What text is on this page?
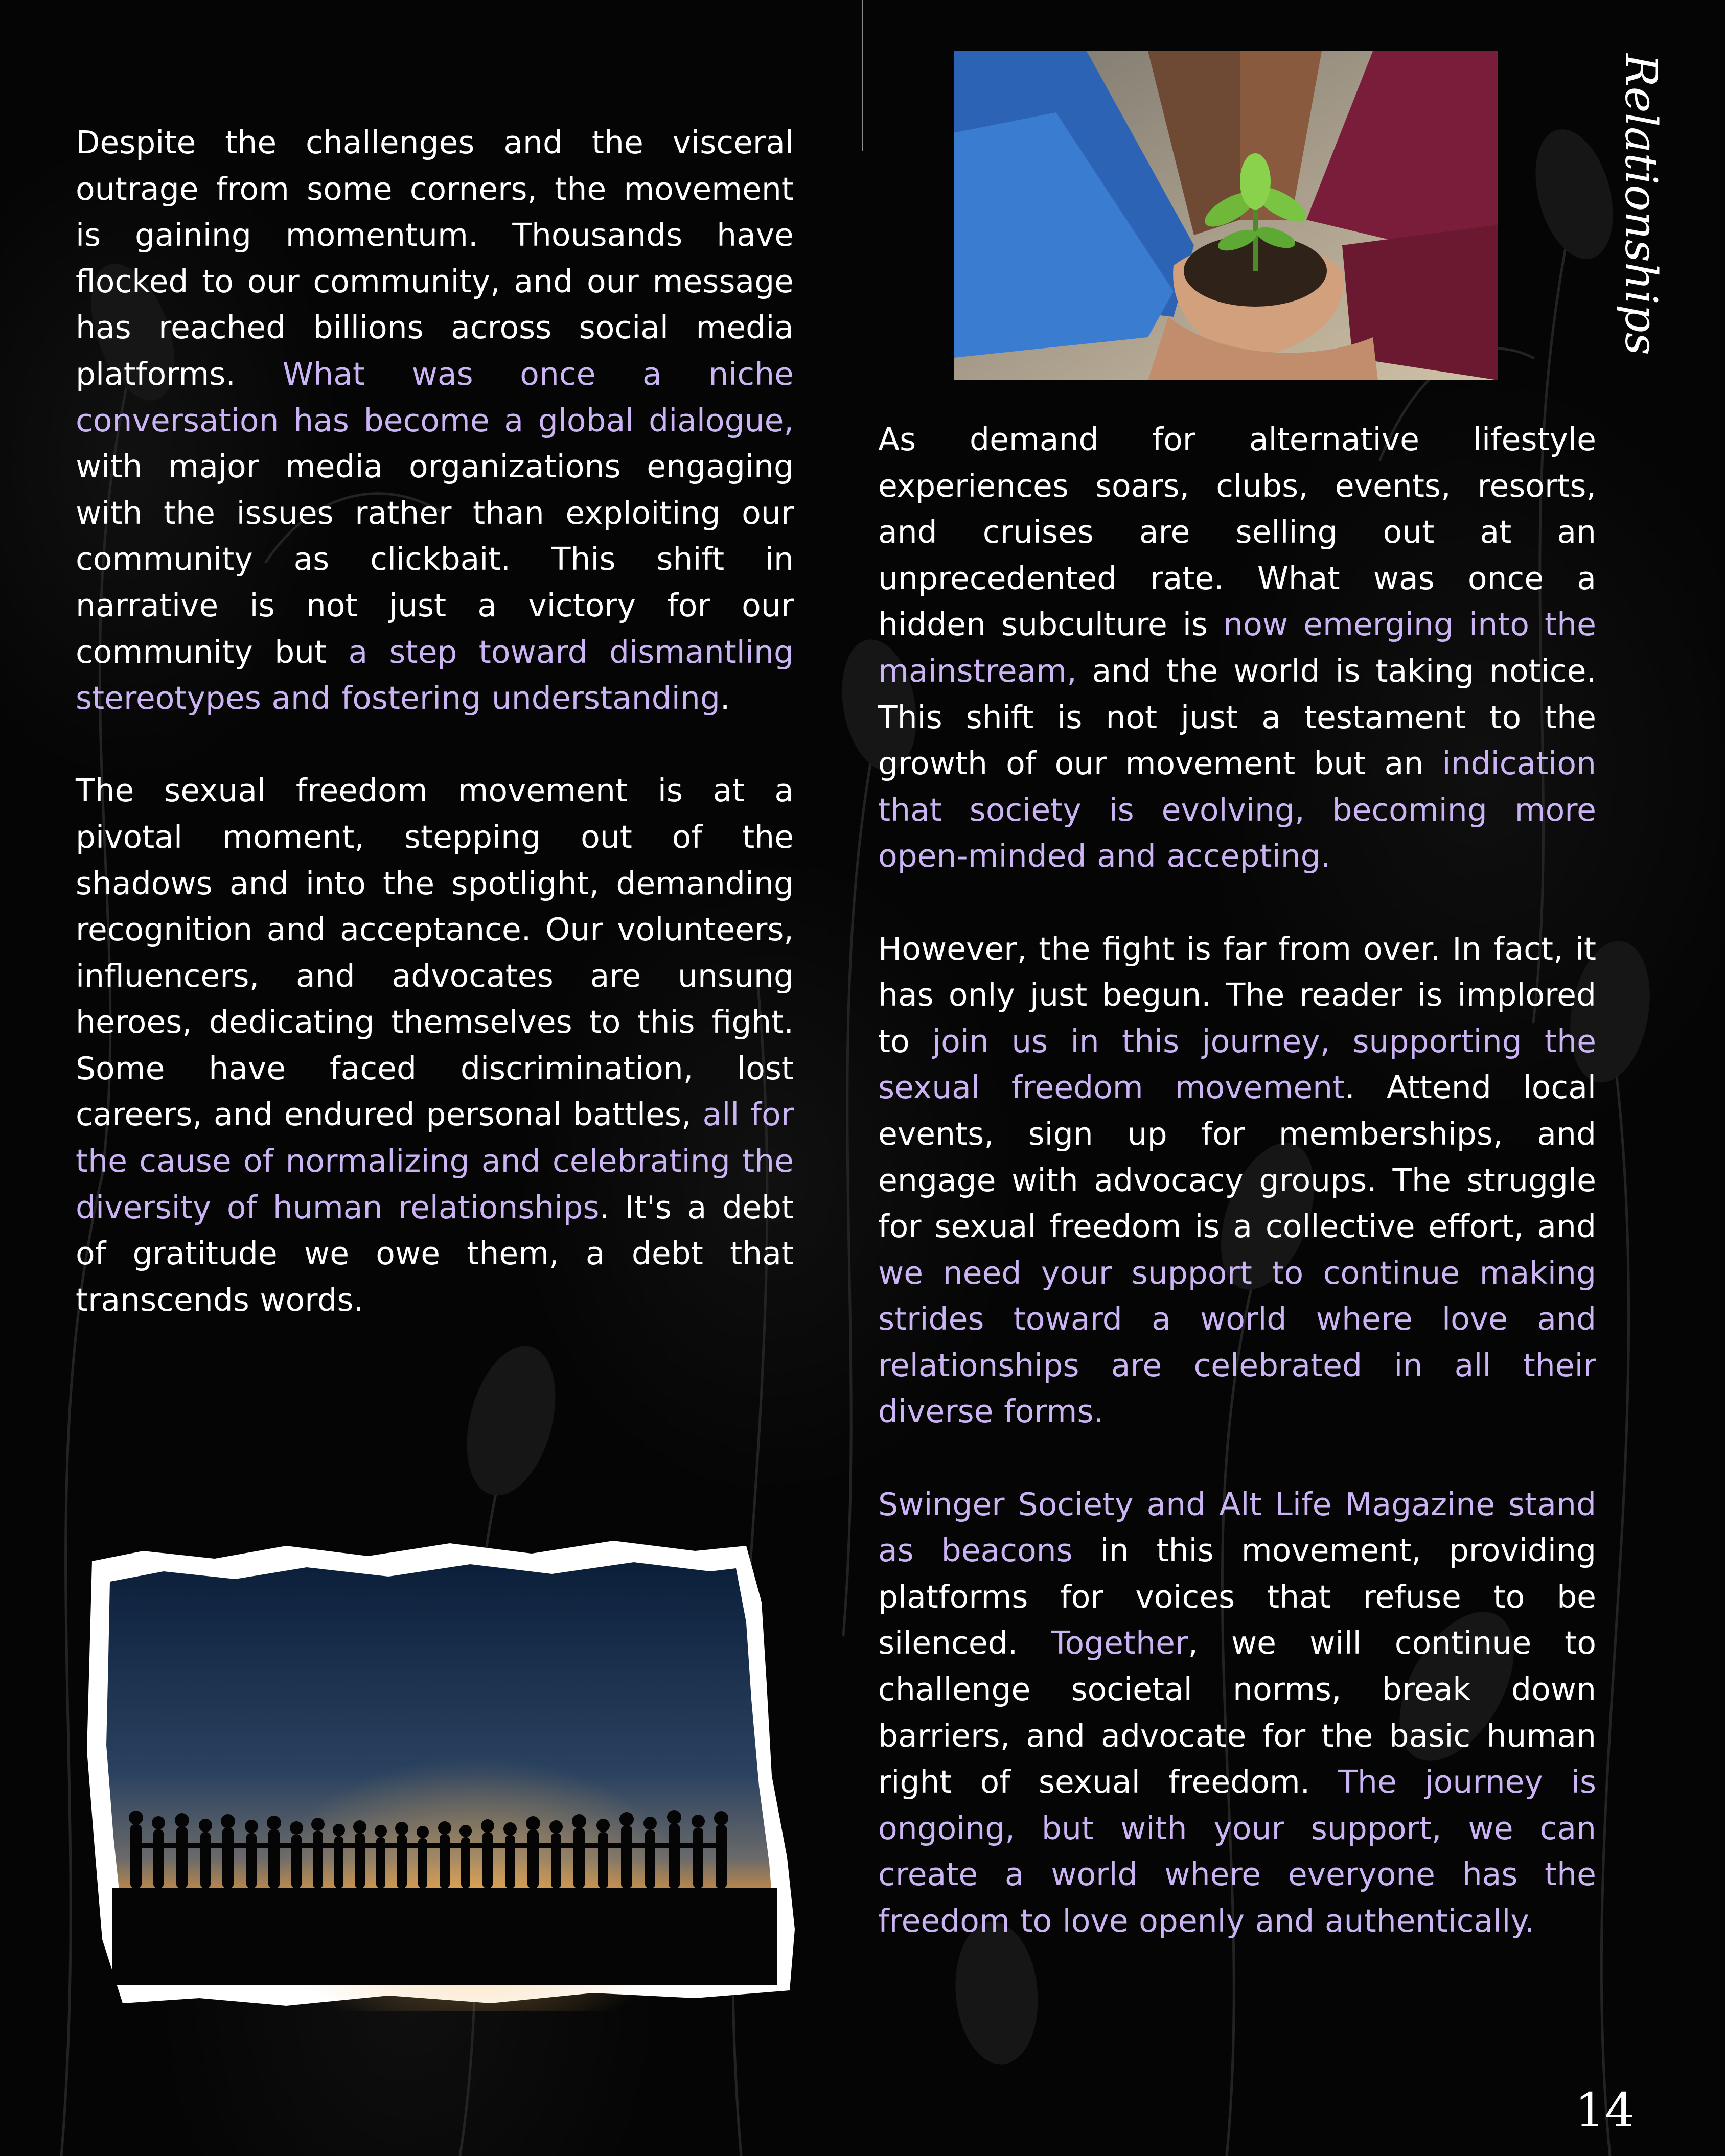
Relationships

Despite the challenges and the visceral outrage from some corners, the movement is gaining momentum. Thousands have flocked to our community, and our message has reached billions across social media platforms. What was once a niche conversation has become a global dialogue, with major media organizations engaging with the issues rather than exploiting our community as clickbait. This shift in narrative is not just a victory for our community but a step toward dismantling stereotypes and fostering understanding.

The sexual freedom movement is at a pivotal moment, stepping out of the shadows and into the spotlight, demanding recognition and acceptance. Our volunteers, influencers, and advocates are unsung heroes, dedicating themselves to this fight. Some have faced discrimination, lost careers, and endured personal battles, all for the cause of normalizing and celebrating the diversity of human relationships. It's a debt of gratitude we owe them, a debt that transcends words.

As demand for alternative lifestyle experiences soars, clubs, events, resorts, and cruises are selling out at an unprecedented rate. What was once a hidden subculture is now emerging into the mainstream, and the world is taking notice. This shift is not just a testament to the growth of our movement but an indication that society is evolving, becoming more open-minded and accepting.

However, the fight is far from over. In fact, it has only just begun. The reader is implored to join us in this journey, supporting the sexual freedom movement. Attend local events, sign up for memberships, and engage with advocacy groups. The struggle for sexual freedom is a collective effort, and we need your support to continue making strides toward a world where love and relationships are celebrated in all their diverse forms.

Swinger Society and Alt Life Magazine stand as beacons in this movement, providing platforms for voices that refuse to be silenced. Together, we will continue to challenge societal norms, break down barriers, and advocate for the basic human right of sexual freedom. The journey is ongoing, but with your support, we can create a world where everyone has the freedom to love openly and authentically.

14
